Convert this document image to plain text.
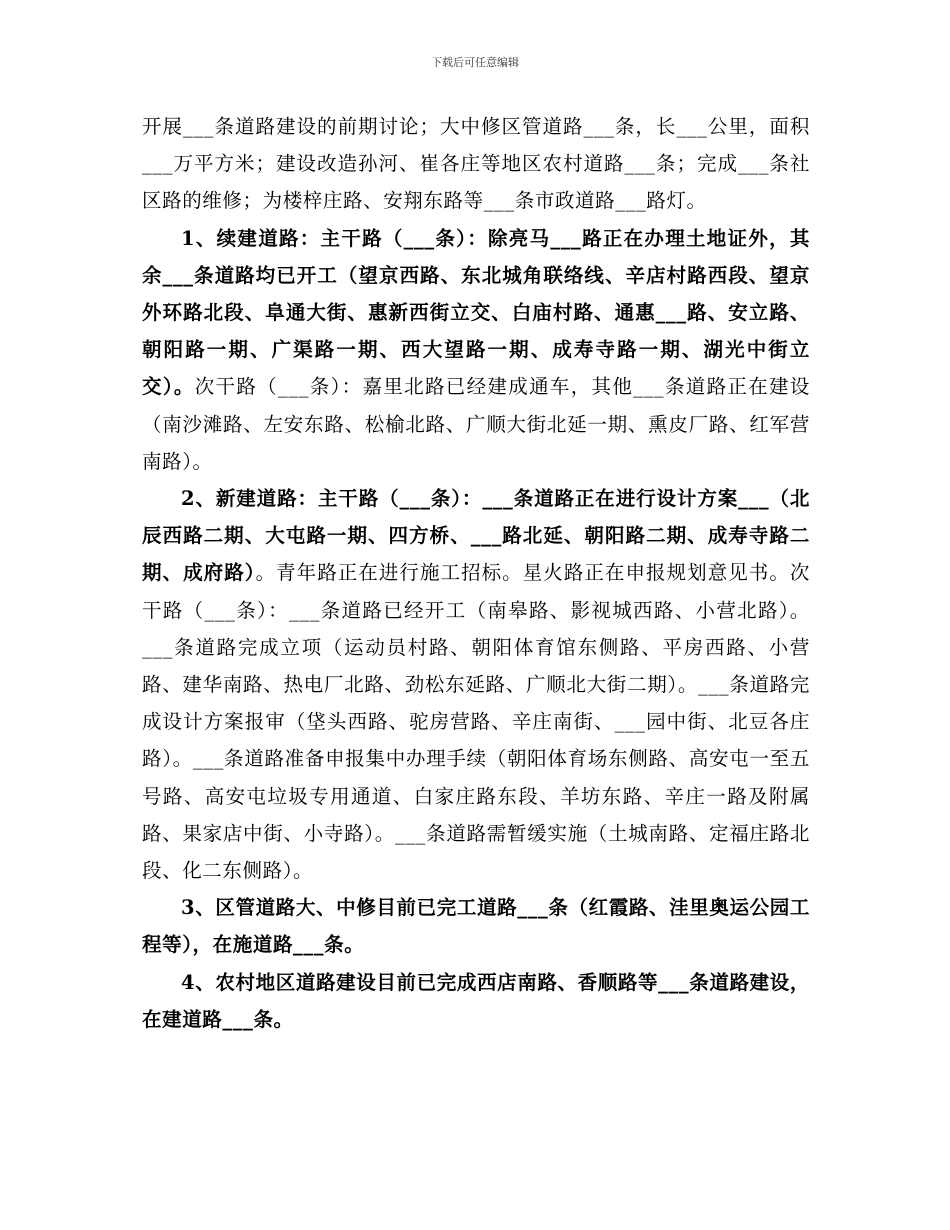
下载后可任意编辑

开展___条道路建设的前期讨论；大中修区管道路___条，长___公里，面积___万平方米；建设改造孙河、崔各庄等地区农村道路___条；完成___条社区路的维修；为楼梓庄路、安翔东路等___条市政道路___路灯。

1、续建道路：主干路（___条）：除亮马___路正在办理土地证外，其余___条道路均已开工（望京西路、东北城角联络线、辛店村路西段、望京外环路北段、阜通大街、惠新西街立交、白庙村路、通惠___路、安立路、朝阳路一期、广渠路一期、西大望路一期、成寿寺路一期、湖光中街立交）。次干路（___条）：嘉里北路已经建成通车，其他___条道路正在建设（南沙滩路、左安东路、松榆北路、广顺大街北延一期、熏皮厂路、红军营南路）。

2、新建道路：主干路（___条）：___条道路正在进行设计方案___（北辰西路二期、大屯路一期、四方桥、___路北延、朝阳路二期、成寿寺路二期、成府路）。青年路正在进行施工招标。星火路正在申报规划意见书。次干路（___条）：___条道路已经开工（南皋路、影视城西路、小营北路）。___条道路完成立项（运动员村路、朝阳体育馆东侧路、平房西路、小营路、建华南路、热电厂北路、劲松东延路、广顺北大街二期）。___条道路完成设计方案报审（垡头西路、驼房营路、辛庄南街、___园中街、北豆各庄路）。___条道路准备申报集中办理手续（朝阳体育场东侧路、高安屯一至五号路、高安屯垃圾专用通道、白家庄路东段、羊坊东路、辛庄一路及附属路、果家店中街、小寺路）。___条道路需暂缓实施（土城南路、定福庄路北段、化二东侧路）。

3、区管道路大、中修目前已完工道路___条（红霞路、洼里奥运公园工程等），在施道路___条。

4、农村地区道路建设目前已完成西店南路、香顺路等___条道路建设，在建道路___条。
